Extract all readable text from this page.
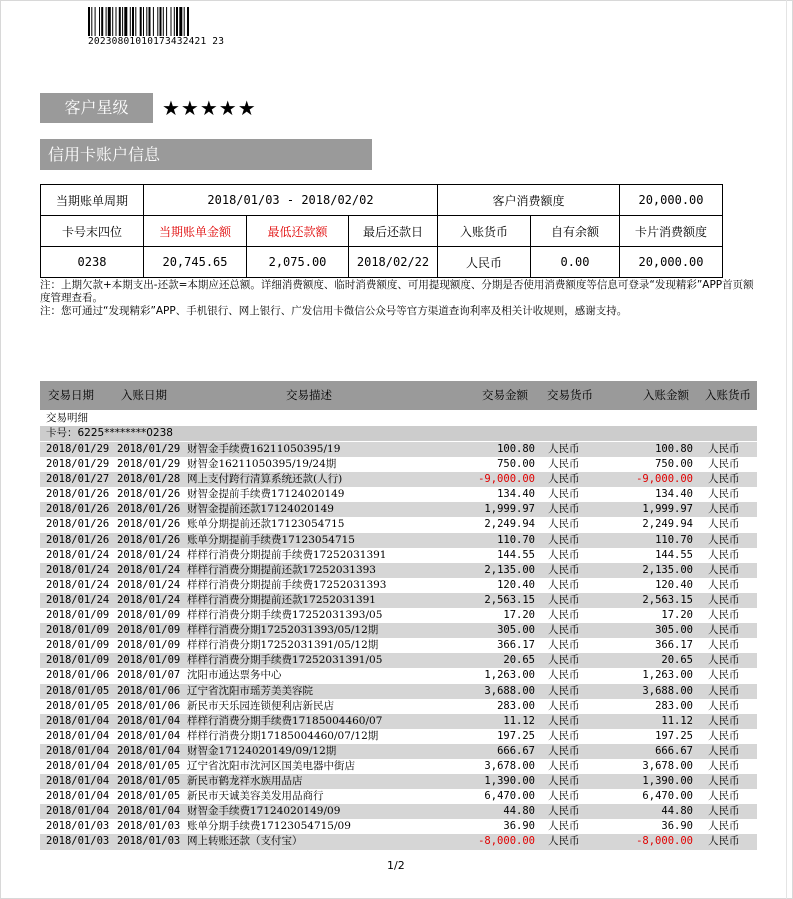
20230801010173432421 23
客户星级	★★★★★
信用卡账户信息
当期账单周期	2018/01/03 - 2018/02/02			客户消费额度		20,000.00
卡号末四位	当期账单金额	最低还款额	最后还款日	入账货币	自有余额	卡片消费额度
0238	20,745.65	2,075.00	2018/02/22	人民币	0.00	20,000.00

注：上期欠款+本期支出-还款=本期应还总额。详细消费额度、临时消费额度、可用提现额度、分期是否使用消费额度等信息可登录“发现精彩”APP首页额度管理查看。

注：您可通过“发现精彩”APP、手机银行、网上银行、广发信用卡微信公众号等官方渠道查询利率及相关计收规则，感谢支持。

交易日期 入账日期	交易描述	交易金额 交易货币	入账金额 入账货币
交易明细
卡号：6225********0238
2018/01/29 2018/01/29 财智金手续费16211050395/19	100.80 人民币	100.80 人民币
2018/01/29 2018/01/29 财智金16211050395/19/24期	750.00 人民币	750.00 人民币
2018/01/27 2018/01/28 网上支付跨行清算系统还款(人行)	-9,000.00 人民币	-9,000.00 人民币
2018/01/26 2018/01/26 财智金提前手续费17124020149	134.40 人民币	134.40 人民币
2018/01/26 2018/01/26 财智金提前还款17124020149	1,999.97 人民币	1,999.97 人民币
2018/01/26 2018/01/26 账单分期提前还款17123054715	2,249.94 人民币	2,249.94 人民币
2018/01/26 2018/01/26 账单分期提前手续费17123054715	110.70 人民币	110.70 人民币
2018/01/24 2018/01/24 样样行消费分期提前手续费17252031391	144.55 人民币	144.55 人民币
2018/01/24 2018/01/24 样样行消费分期提前还款17252031393	2,135.00 人民币	2,135.00 人民币
2018/01/24 2018/01/24 样样行消费分期提前手续费17252031393	120.40 人民币	120.40 人民币
2018/01/24 2018/01/24 样样行消费分期提前还款17252031391	2,563.15 人民币	2,563.15 人民币
2018/01/09 2018/01/09 样样行消费分期手续费17252031393/05	17.20 人民币	17.20 人民币
2018/01/09 2018/01/09 样样行消费分期17252031393/05/12期	305.00 人民币	305.00 人民币
2018/01/09 2018/01/09 样样行消费分期17252031391/05/12期	366.17 人民币	366.17 人民币
2018/01/09 2018/01/09 样样行消费分期手续费17252031391/05	20.65 人民币	20.65 人民币
2018/01/06 2018/01/07 沈阳市通达票务中心	1,263.00 人民币	1,263.00 人民币
2018/01/05 2018/01/06 辽宁省沈阳市瑶芳美美容院	3,688.00 人民币	3,688.00 人民币
2018/01/05 2018/01/06 新民市天乐园连锁便利店新民店	283.00 人民币	283.00 人民币
2018/01/04 2018/01/04 样样行消费分期手续费17185004460/07	11.12 人民币	11.12 人民币
2018/01/04 2018/01/04 样样行消费分期17185004460/07/12期	197.25 人民币	197.25 人民币
2018/01/04 2018/01/04 财智金17124020149/09/12期	666.67 人民币	666.67 人民币
2018/01/04 2018/01/05 辽宁省沈阳市沈河区国美电器中街店	3,678.00 人民币	3,678.00 人民币
2018/01/04 2018/01/05 新民市鹤龙祥水族用品店	1,390.00 人民币	1,390.00 人民币
2018/01/04 2018/01/05 新民市天诚美容美发用品商行	6,470.00 人民币	6,470.00 人民币
2018/01/04 2018/01/04 财智金手续费17124020149/09	44.80 人民币	44.80 人民币
2018/01/03 2018/01/03 账单分期手续费17123054715/09	36.90 人民币	36.90 人民币
2018/01/03 2018/01/03 网上转账还款（支付宝）	-8,000.00 人民币	-8,000.00 人民币
1/2
